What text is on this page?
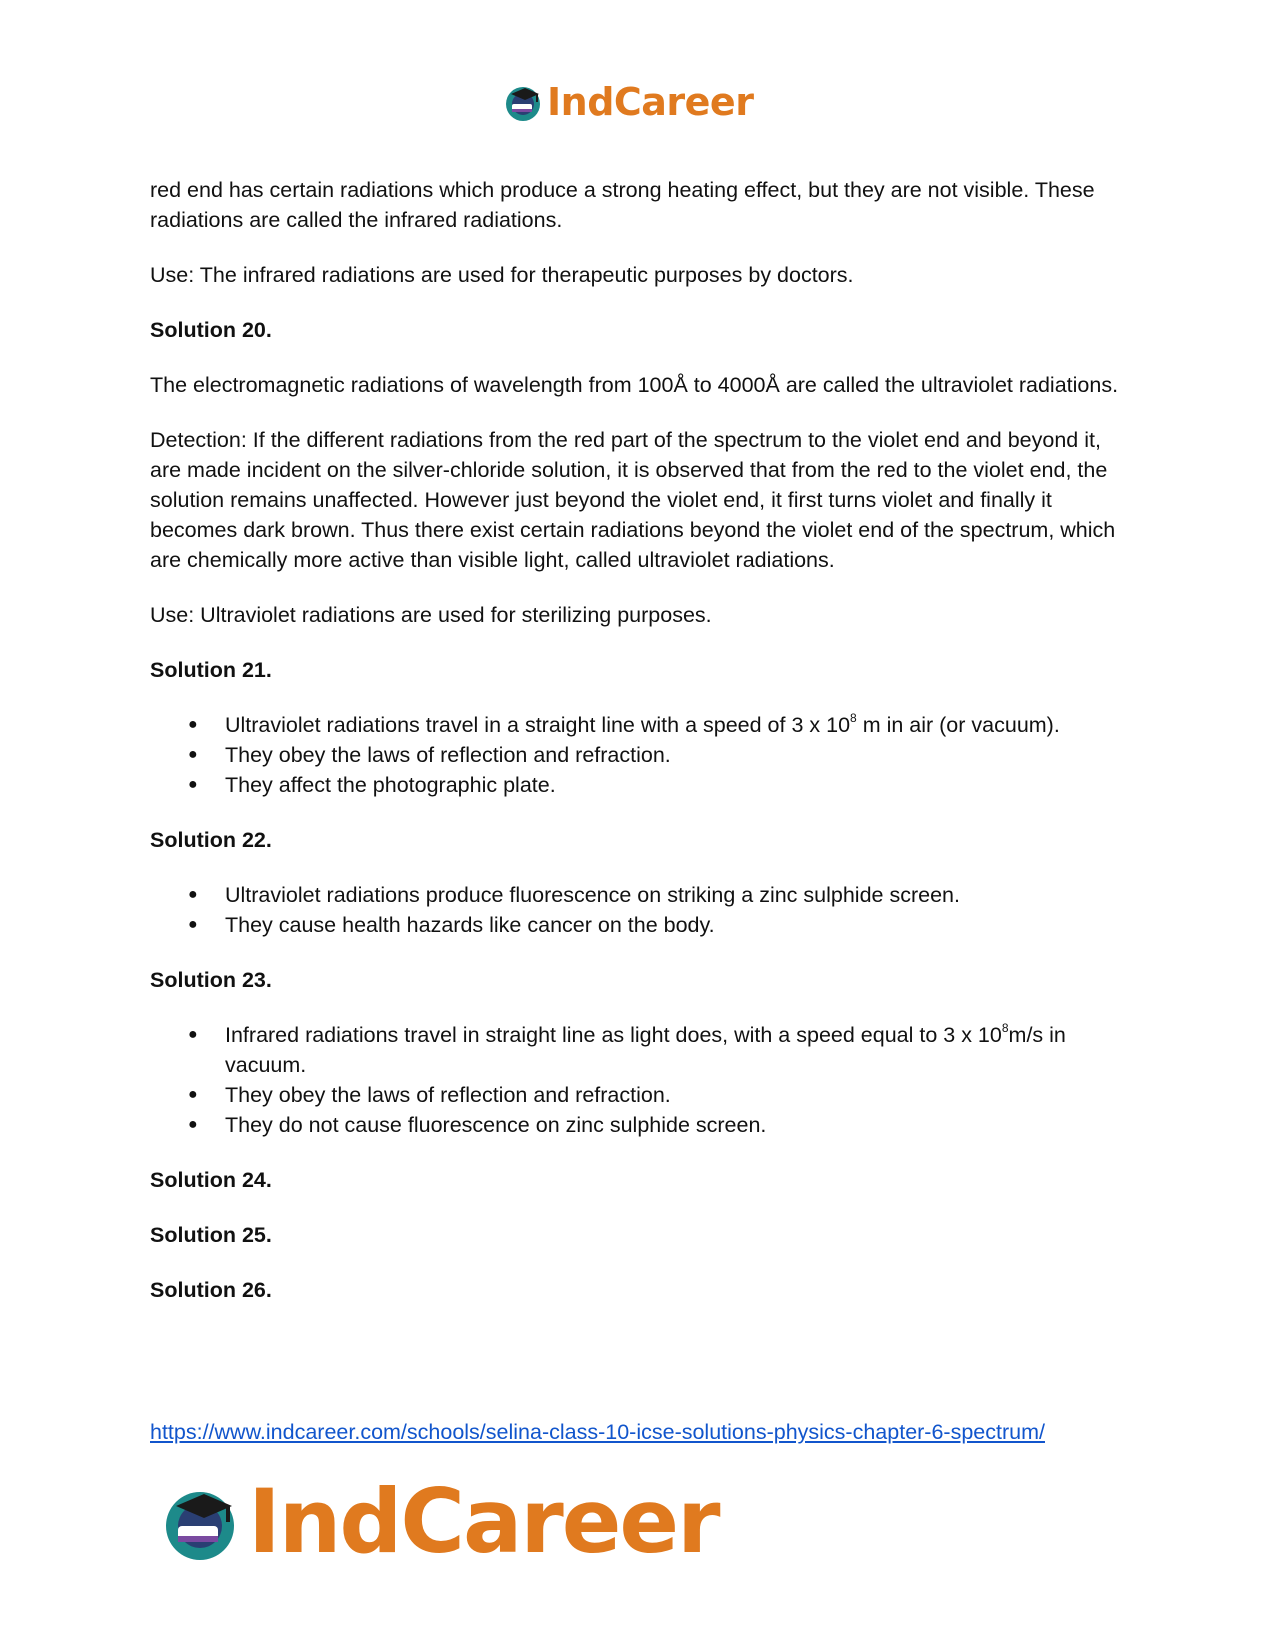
IndCareer

red end has certain radiations which produce a strong heating effect, but they are not visible. These radiations are called the infrared radiations.

Use: The infrared radiations are used for therapeutic purposes by doctors.

Solution 20.

The electromagnetic radiations of wavelength from 100Å to 4000Å are called the ultraviolet radiations.

Detection: If the different radiations from the red part of the spectrum to the violet end and beyond it, are made incident on the silver-chloride solution, it is observed that from the red to the violet end, the solution remains unaffected. However just beyond the violet end, it first turns violet and finally it becomes dark brown. Thus there exist certain radiations beyond the violet end of the spectrum, which are chemically more active than visible light, called ultraviolet radiations.

Use: Ultraviolet radiations are used for sterilizing purposes.

Solution 21.

● Ultraviolet radiations travel in a straight line with a speed of 3 x $10^8$ m in air (or vacuum).
● They obey the laws of reflection and refraction.
● They affect the photographic plate.

Solution 22.

● Ultraviolet radiations produce fluorescence on striking a zinc sulphide screen.
● They cause health hazards like cancer on the body.

Solution 23.

● Infrared radiations travel in straight line as light does, with a speed equal to 3 x $10^8m/s$ in vacuum.
● They obey the laws of reflection and refraction.
● They do not cause fluorescence on zinc sulphide screen.

Solution 24.

Solution 25.

Solution 26.

https://www.indcareer.com/schools/selina-class-10-icse-solutions-physics-chapter-6-spectrum/
IndCareer
